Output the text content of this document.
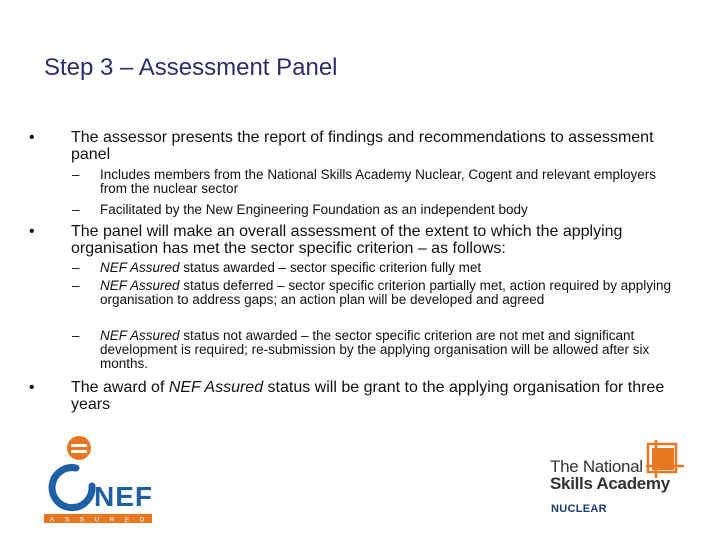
Step 3 – Assessment Panel
• The assessor presents the report of findings and recommendations to assessment panel
– Includes members from the National Skills Academy Nuclear, Cogent and relevant employers from the nuclear sector
– Facilitated by the New Engineering Foundation as an independent body
• The panel will make an overall assessment of the extent to which the applying organisation has met the sector specific criterion – as follows:
– NEF Assured status awarded – sector specific criterion fully met
– NEF Assured status deferred – sector specific criterion partially met, action required by applying organisation to address gaps; an action plan will be developed and agreed
– NEF Assured status not awarded – the sector specific criterion are not met and significant development is required; re-submission by the applying organisation will be allowed after six months.
• The award of NEF Assured status will be grant to the applying organisation for three years
NEF
ASSURED
The National
Skills Academy
NUCLEAR
